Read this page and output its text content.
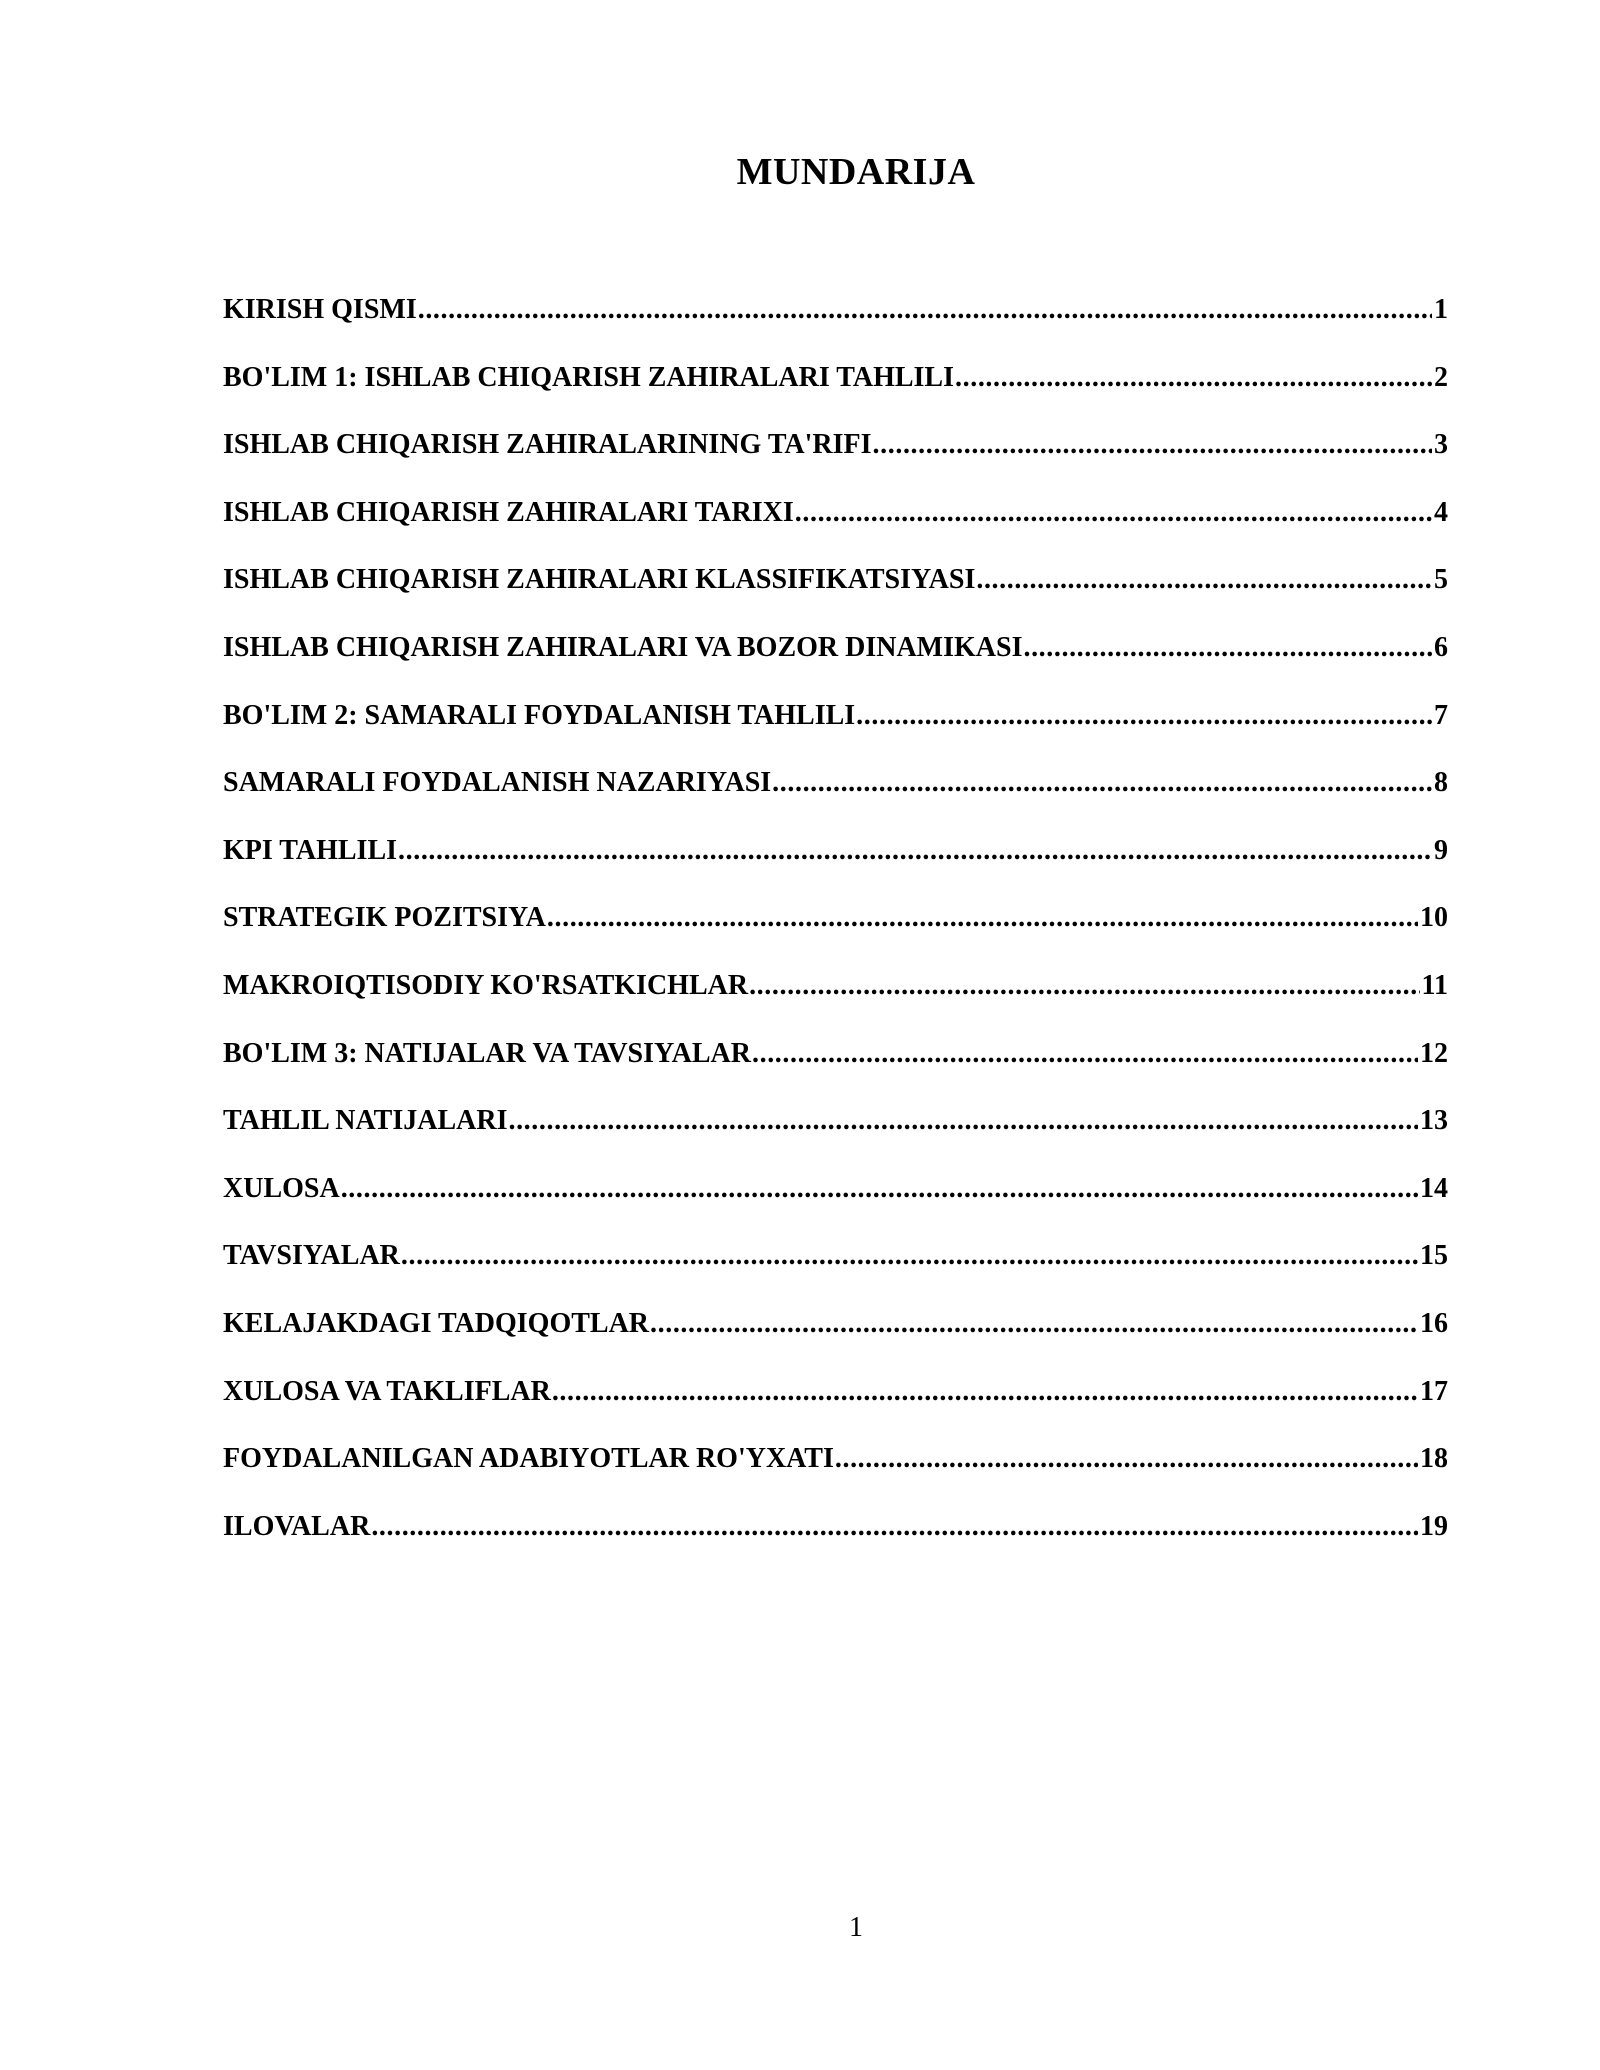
MUNDARIJA
KIRISH QISMI .....	1
BO'LIM 1: ISHLAB CHIQARISH ZAHIRALARI TAHLILI .....	2
ISHLAB CHIQARISH ZAHIRALARINING TA'RIFI .....	3
ISHLAB CHIQARISH ZAHIRALARI TARIXI .....	4
ISHLAB CHIQARISH ZAHIRALARI KLASSIFIKATSIYASI .....	5
ISHLAB CHIQARISH ZAHIRALARI VA BOZOR DINAMIKASI .....	6
BO'LIM 2: SAMARALI FOYDALANISH TAHLILI .....	7
SAMARALI FOYDALANISH NAZARIYASI .....	8
KPI TAHLILI .....	9
STRATEGIK POZITSIYA .....	10
MAKROIQTISODIY KO'RSATKICHLAR .....	11
BO'LIM 3: NATIJALAR VA TAVSIYALAR .....	12
TAHLIL NATIJALARI .....	13
XULOSA .....	14
TAVSIYALAR .....	15
KELAJAKDAGI TADQIQOTLAR .....	16
XULOSA VA TAKLIFLAR .....	17
FOYDALANILGAN ADABIYOTLAR RO'YXATI .....	18
ILOVALAR .....	19
1
